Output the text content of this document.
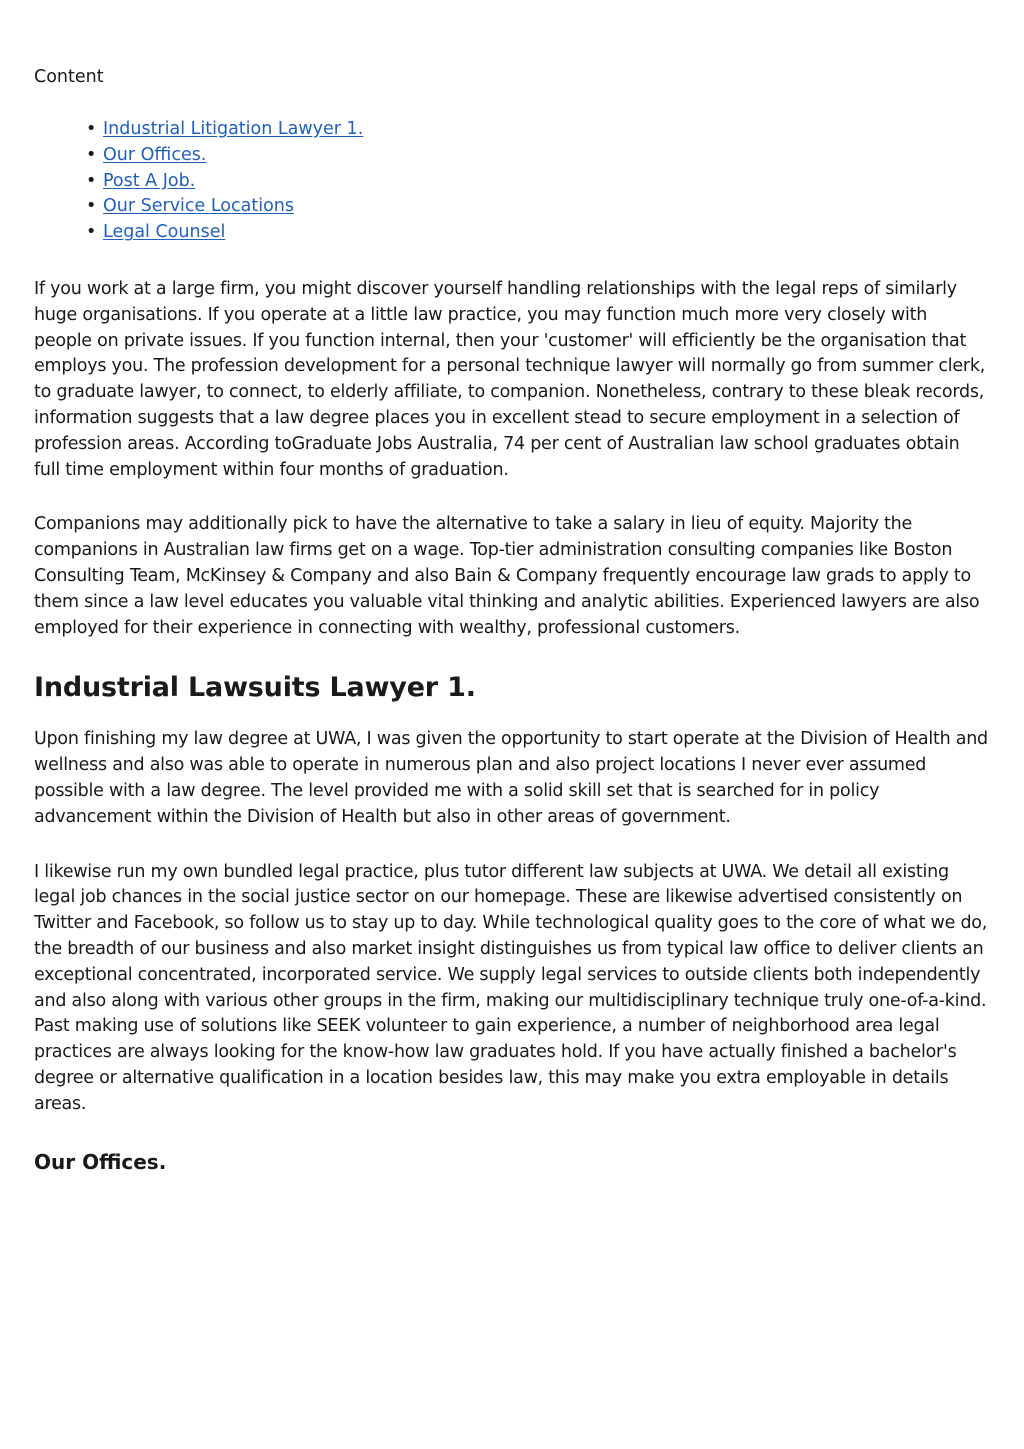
Content
• Industrial Litigation Lawyer 1.
• Our Offices.
• Post A Job.
• Our Service Locations
• Legal Counsel

If you work at a large firm, you might discover yourself handling relationships with the legal reps of similarly huge organisations. If you operate at a little law practice, you may function much more very closely with people on private issues. If you function internal, then your 'customer' will efficiently be the organisation that employs you. The profession development for a personal technique lawyer will normally go from summer clerk, to graduate lawyer, to connect, to elderly affiliate, to companion. Nonetheless, contrary to these bleak records, information suggests that a law degree places you in excellent stead to secure employment in a selection of profession areas. According toGraduate Jobs Australia, 74 per cent of Australian law school graduates obtain full time employment within four months of graduation.

Companions may additionally pick to have the alternative to take a salary in lieu of equity. Majority the companions in Australian law firms get on a wage. Top-tier administration consulting companies like Boston Consulting Team, McKinsey & Company and also Bain & Company frequently encourage law grads to apply to them since a law level educates you valuable vital thinking and analytic abilities. Experienced lawyers are also employed for their experience in connecting with wealthy, professional customers.

Industrial Lawsuits Lawyer 1.

Upon finishing my law degree at UWA, I was given the opportunity to start operate at the Division of Health and wellness and also was able to operate in numerous plan and also project locations I never ever assumed possible with a law degree. The level provided me with a solid skill set that is searched for in policy advancement within the Division of Health but also in other areas of government.

I likewise run my own bundled legal practice, plus tutor different law subjects at UWA. We detail all existing legal job chances in the social justice sector on our homepage. These are likewise advertised consistently on Twitter and Facebook, so follow us to stay up to day. While technological quality goes to the core of what we do, the breadth of our business and also market insight distinguishes us from typical law office to deliver clients an exceptional concentrated, incorporated service. We supply legal services to outside clients both independently and also along with various other groups in the firm, making our multidisciplinary technique truly one-of-a-kind. Past making use of solutions like SEEK volunteer to gain experience, a number of neighborhood area legal practices are always looking for the know-how law graduates hold. If you have actually finished a bachelor's degree or alternative qualification in a location besides law, this may make you extra employable in details areas.

Our Offices.
